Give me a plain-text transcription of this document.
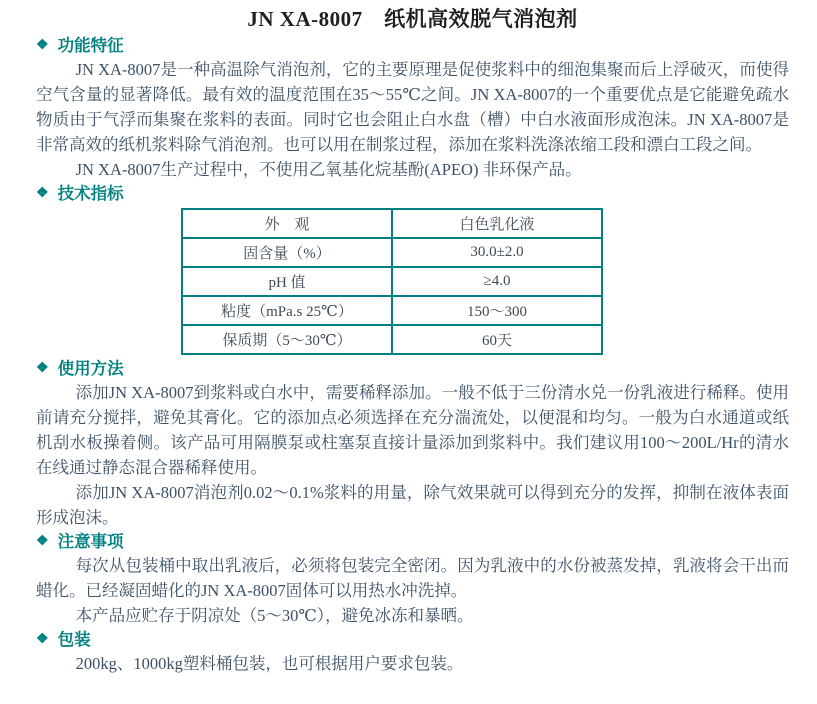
JN XA-8007　纸机高效脱气消泡剂
❖ 功能特征

JN XA-8007是一种高温除气消泡剂，它的主要原理是促使浆料中的细泡集聚而后上浮破灭，而使得空气含量的显著降低。最有效的温度范围在35～55℃之间。JN XA-8007的一个重要优点是它能避免疏水物质由于气浮而集聚在浆料的表面。同时它也会阻止白水盘（槽）中白水液面形成泡沫。JN XA-8007是非常高效的纸机浆料除气消泡剂。也可以用在制浆过程，添加在浆料洗涤浓缩工段和漂白工段之间。

JN XA-8007生产过程中，不使用乙氧基化烷基酚(APEO) 非环保产品。

❖ 技术指标
外　观	白色乳化液
固含量（%）	30.0±2.0
pH 值	≥4.0
粘度（mPa.s 25℃）	150～300
保质期（5～30℃）	60天
❖ 使用方法

添加JN XA-8007到浆料或白水中，需要稀释添加。一般不低于三份清水兑一份乳液进行稀释。使用前请充分搅拌，避免其膏化。它的添加点必须选择在充分湍流处，以便混和均匀。一般为白水通道或纸机刮水板操着侧。该产品可用隔膜泵或柱塞泵直接计量添加到浆料中。我们建议用100～200L/Hr的清水在线通过静态混合器稀释使用。

添加JN XA-8007消泡剂0.02～0.1%浆料的用量，除气效果就可以得到充分的发挥，抑制在液体表面形成泡沫。

❖ 注意事项

每次从包装桶中取出乳液后，必须将包装完全密闭。因为乳液中的水份被蒸发掉，乳液将会干出而蜡化。已经凝固蜡化的JN XA-8007固体可以用热水冲洗掉。

本产品应贮存于阴凉处（5～30℃），避免冰冻和暴晒。

❖ 包装

200kg、1000kg塑料桶包装，也可根据用户要求包装。
